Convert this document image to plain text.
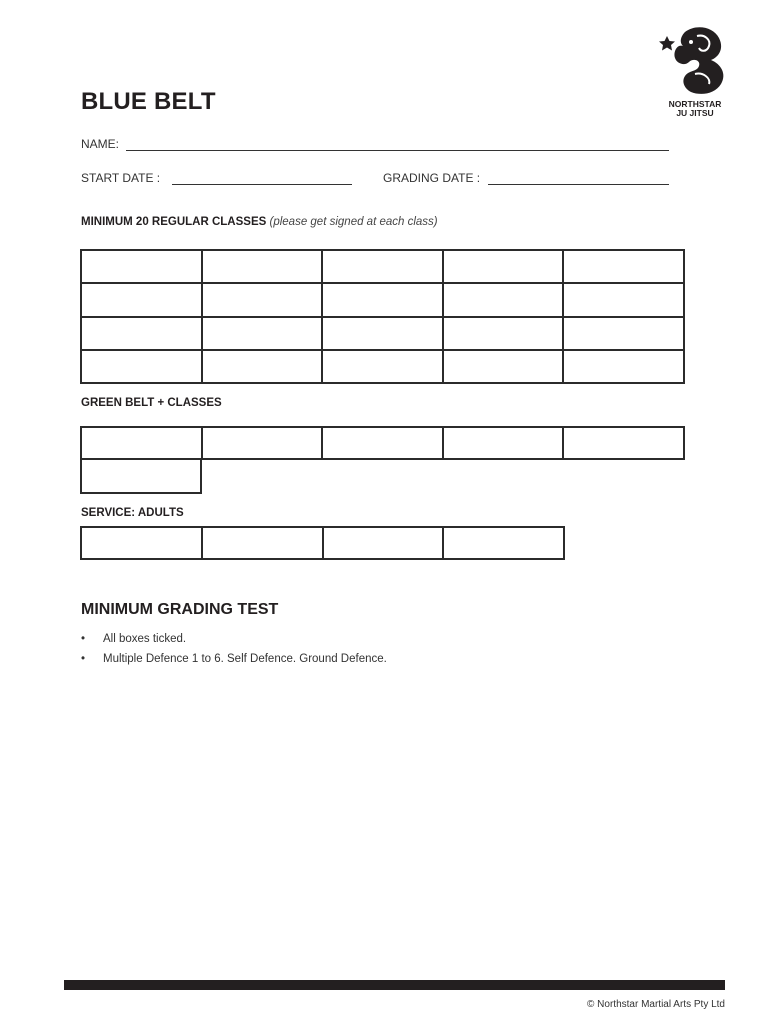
NORTHSTAR
JU JITSU
BLUE BELT
NAME:
START DATE :	GRADING DATE :
MINIMUM 20 REGULAR CLASSES (please get signed at each class)

GREEN BELT + CLASSES

SERVICE: ADULTS

MINIMUM GRADING TEST
• All boxes ticked.
• Multiple Defence 1 to 6. Self Defence. Ground Defence.
© Northstar Martial Arts Pty Ltd
